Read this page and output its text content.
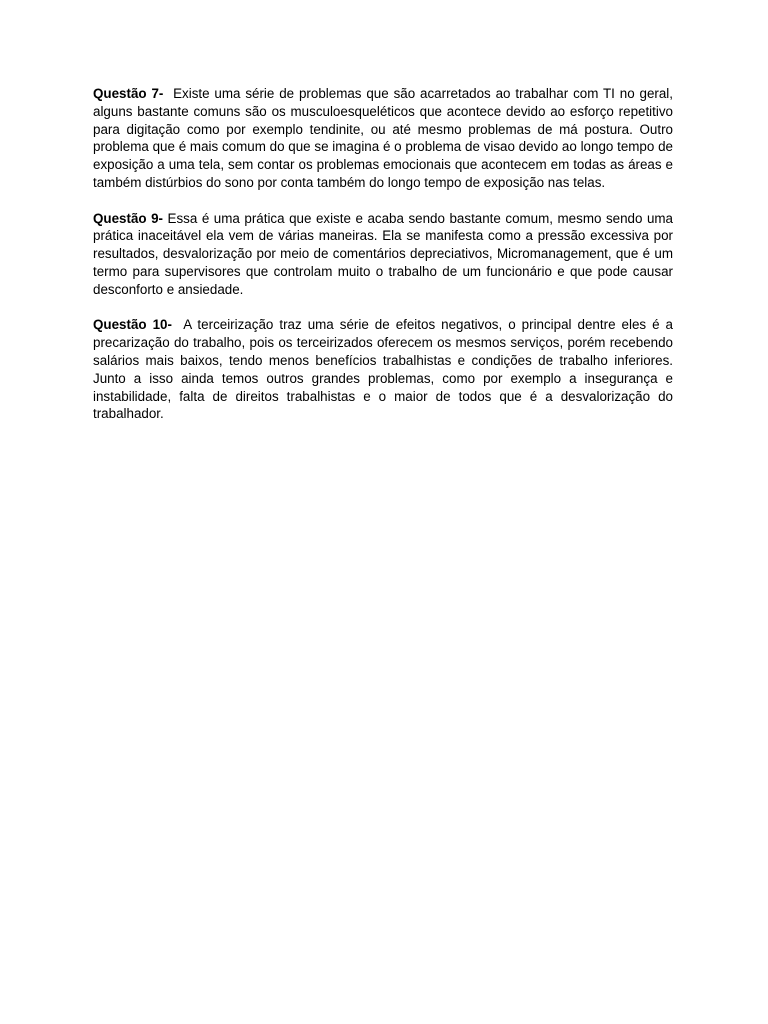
Questão 7-  Existe uma série de problemas que são acarretados ao trabalhar com TI no geral, alguns bastante comuns são os musculoesqueléticos que acontece devido ao esforço repetitivo para digitação como por exemplo tendinite, ou até mesmo problemas de má postura. Outro problema que é mais comum do que se imagina é o problema de visao devido ao longo tempo de exposição a uma tela, sem contar os problemas emocionais que acontecem em todas as áreas e também distúrbios do sono por conta também do longo tempo de exposição nas telas.

Questão 9- Essa é uma prática que existe e acaba sendo bastante comum, mesmo sendo uma prática inaceitável ela vem de várias maneiras. Ela se manifesta como a pressão excessiva por resultados, desvalorização por meio de comentários depreciativos, Micromanagement, que é um termo para supervisores que controlam muito o trabalho de um funcionário e que pode causar desconforto e ansiedade.

Questão 10-  A terceirização traz uma série de efeitos negativos, o principal dentre eles é a precarização do trabalho, pois os terceirizados oferecem os mesmos serviços, porém recebendo salários mais baixos, tendo menos benefícios trabalhistas e condições de trabalho inferiores. Junto a isso ainda temos outros grandes problemas, como por exemplo a insegurança e instabilidade, falta de direitos trabalhistas e o maior de todos que é a desvalorização do trabalhador.
